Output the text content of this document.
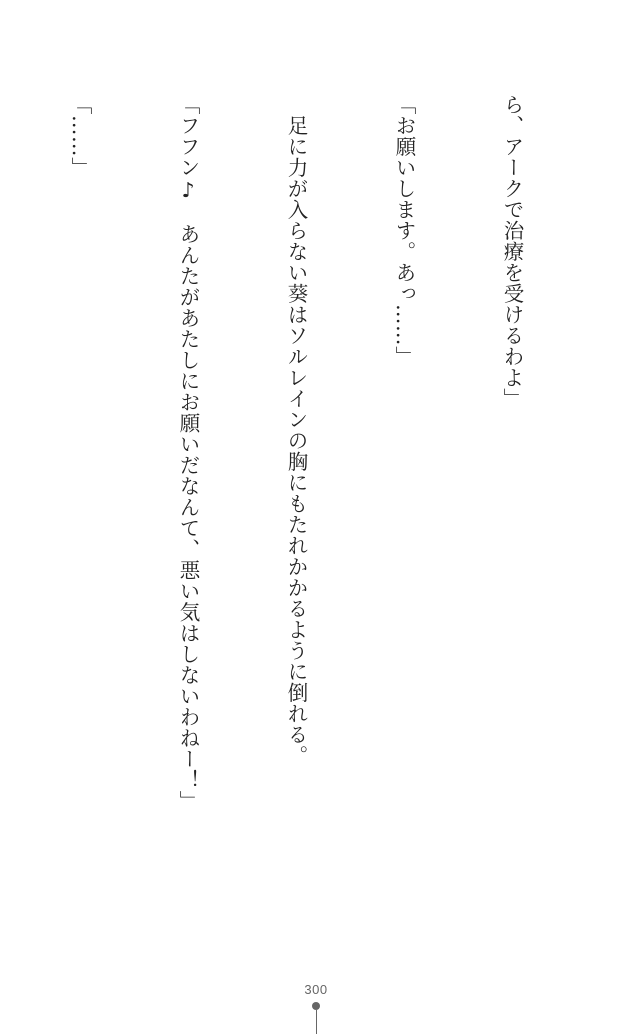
ら、アークで治療を受けるわよ」

「お願いします。あっ……」

　足に力が入らない葵はソルレインの胸にもたれかかるように倒れる。

「フフン♪　あんたがあたしにお願いだなんて、悪い気はしないわねー！」

「……」

300
